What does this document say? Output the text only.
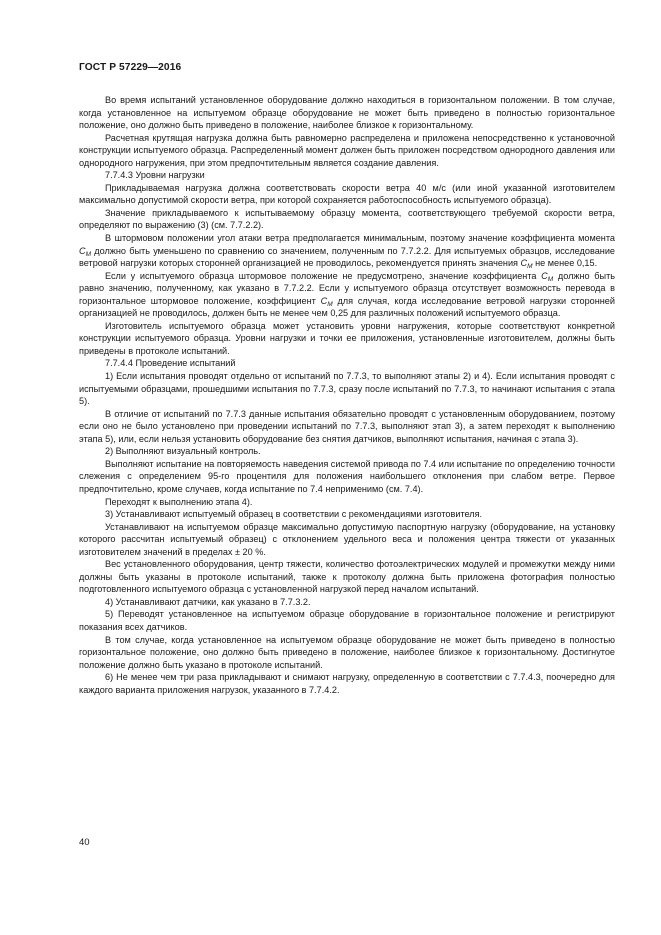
ГОСТ Р 57229—2016

Во время испытаний установленное оборудование должно находиться в горизонтальном положении. В том случае, когда установленное на испытуемом образце оборудование не может быть приведено в полностью горизонтальное положение, оно должно быть приведено в положение, наиболее близкое к горизонтальному.

Расчетная крутящая нагрузка должна быть равномерно распределена и приложена непосредственно к установочной конструкции испытуемого образца. Распределенный момент должен быть приложен посредством однородного давления или однородного нагружения, при этом предпочтительным является создание давления.

7.7.4.3 Уровни нагрузки

Прикладываемая нагрузка должна соответствовать скорости ветра 40 м/с (или иной указанной изготовителем максимально допустимой скорости ветра, при которой сохраняется работоспособность испытуемого образца).

Значение прикладываемого к испытываемому образцу момента, соответствующего требуемой скорости ветра, определяют по выражению (3) (см. 7.7.2.2).

В штормовом положении угол атаки ветра предполагается минимальным, поэтому значение коэффициента момента $C_M$ должно быть уменьшено по сравнению со значением, полученным по 7.7.2.2. Для испытуемых образцов, исследование ветровой нагрузки которых сторонней организацией не проводилось, рекомендуется принять значения $C_M$ не менее 0,15.

Если у испытуемого образца штормовое положение не предусмотрено, значение коэффициента $C_M$ должно быть равно значению, полученному, как указано в 7.7.2.2. Если у испытуемого образца отсутствует возможность перевода в горизонтальное штормовое положение, коэффициент $C_M$ для случая, когда исследование ветровой нагрузки сторонней организацией не проводилось, должен быть не менее чем 0,25 для различных положений испытуемого образца.

Изготовитель испытуемого образца может установить уровни нагружения, которые соответствуют конкретной конструкции испытуемого образца. Уровни нагрузки и точки ее приложения, установленные изготовителем, должны быть приведены в протоколе испытаний.

7.7.4.4 Проведение испытаний

1) Если испытания проводят отдельно от испытаний по 7.7.3, то выполняют этапы 2) и 4). Если испытания проводят с испытуемыми образцами, прошедшими испытания по 7.7.3, сразу после испытаний по 7.7.3, то начинают испытания с этапа 5).

В отличие от испытаний по 7.7.3 данные испытания обязательно проводят с установленным оборудованием, поэтому если оно не было установлено при проведении испытаний по 7.7.3, выполняют этап 3), а затем переходят к выполнению этапа 5), или, если нельзя установить оборудование без снятия датчиков, выполняют испытания, начиная с этапа 3).

2) Выполняют визуальный контроль.

Выполняют испытание на повторяемость наведения системой привода по 7.4 или испытание по определению точности слежения с определением 95-го процентиля для положения наибольшего отклонения при слабом ветре. Первое предпочтительно, кроме случаев, когда испытание по 7.4 неприменимо (см. 7.4).

Переходят к выполнению этапа 4).

3) Устанавливают испытуемый образец в соответствии с рекомендациями изготовителя.

Устанавливают на испытуемом образце максимально допустимую паспортную нагрузку (оборудование, на установку которого рассчитан испытуемый образец) с отклонением удельного веса и положения центра тяжести от указанных изготовителем значений в пределах ± 20 %.

Вес установленного оборудования, центр тяжести, количество фотоэлектрических модулей и промежутки между ними должны быть указаны в протоколе испытаний, также к протоколу должна быть приложена фотография полностью подготовленного испытуемого образца с установленной нагрузкой перед началом испытаний.

4) Устанавливают датчики, как указано в 7.7.3.2.

5) Переводят установленное на испытуемом образце оборудование в горизонтальное положение и регистрируют показания всех датчиков.

В том случае, когда установленное на испытуемом образце оборудование не может быть приведено в полностью горизонтальное положение, оно должно быть приведено в положение, наиболее близкое к горизонтальному. Достигнутое положение должно быть указано в протоколе испытаний.

6) Не менее чем три раза прикладывают и снимают нагрузку, определенную в соответствии с 7.7.4.3, поочередно для каждого варианта приложения нагрузок, указанного в 7.7.4.2.

40
